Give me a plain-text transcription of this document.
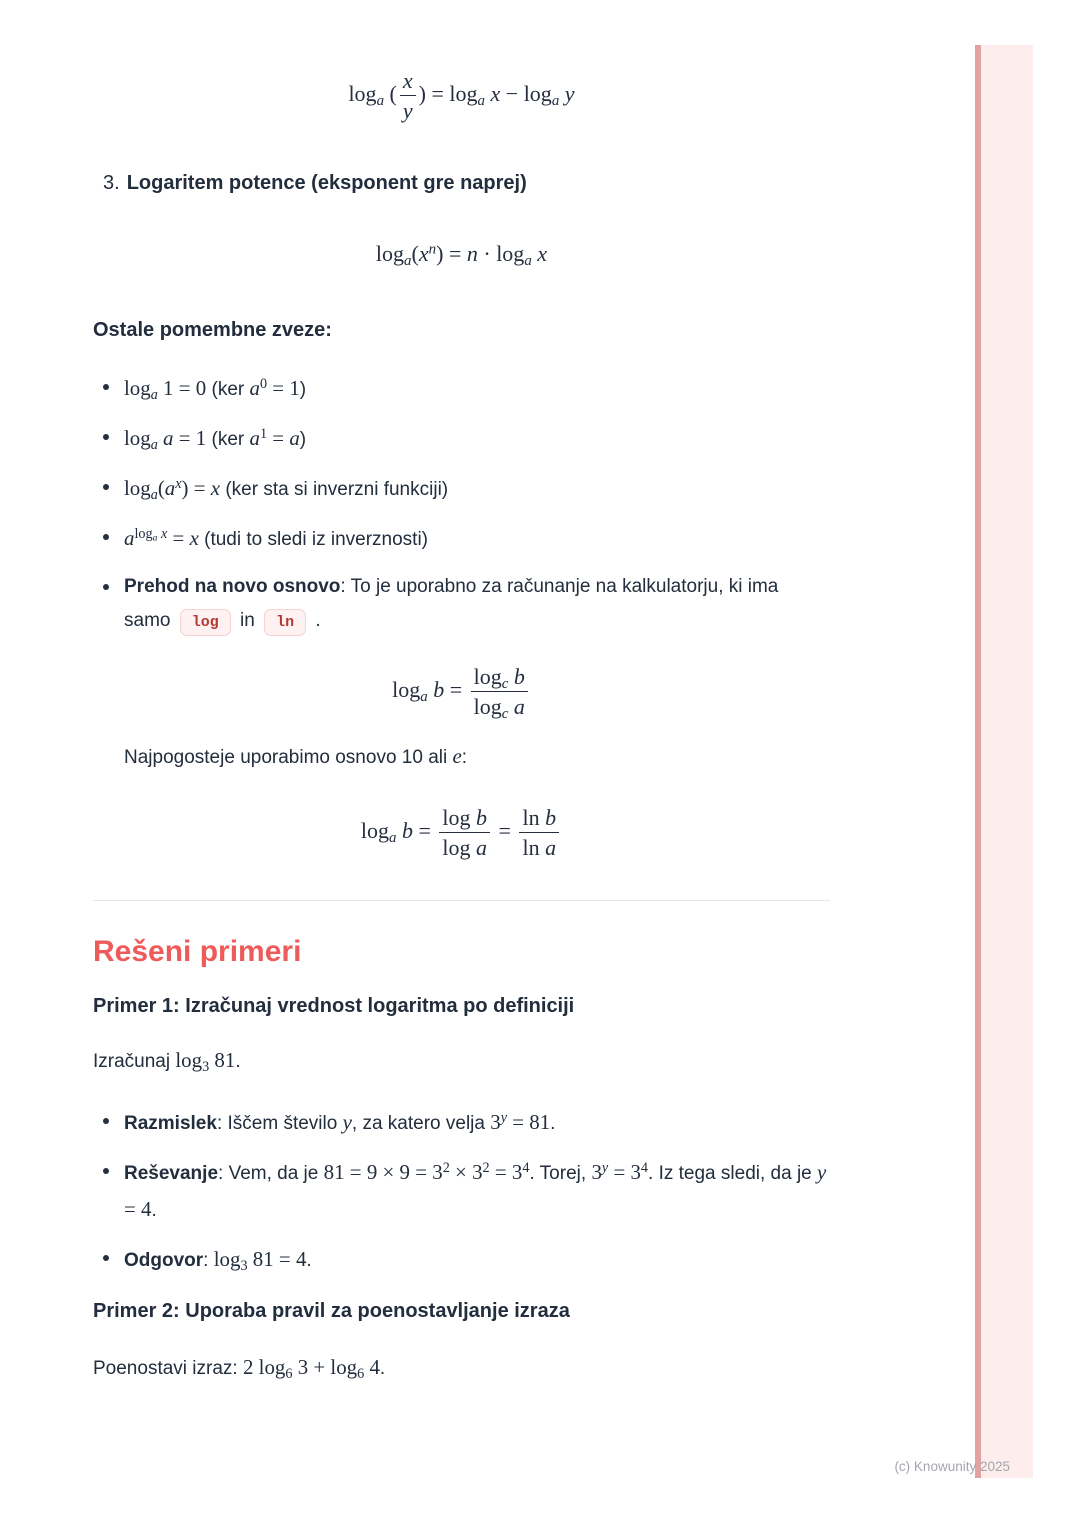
$\log_a$ ( $\frac{x}{y}$ ) = $\log_a x - \log_a y$
3. Logaritem potence (eksponent gre naprej)
$\log_a(x^n) = n \cdot \log_a x$
Ostale pomembne zveze:
$\log_a 1 = 0$ (ker $a^0 = 1$)
$\log_a a = 1$ (ker $a^1 = a$)
$\log_a(a^x) = x$ (ker sta si inverzni funkciji)
$a^{log_a x} = x$ (tudi to sledi iz inverznosti)
Prehod na novo osnovo: To je uporabno za računanje na kalkulatorju, ki ima samo log in ln .
$\log_a b = \frac{\log_c b}{\log_c a}$

Najpogosteje uporabimo osnovo 10 ali e:

$\log_a b = \frac{\text{log b}}{\text{log a}} = \frac{\text{ln b}}{\text{ln a}}$
Rešeni primeri
Primer 1: Izračunaj vrednost logaritma po definiciji

Izračunaj $\log_3 81$.

Razmislek: Iščem število y, za katero velja $3^y = 81$.
Reševanje: Vem, da je $81 = 9 \times 9 = 3^2 \times 3^2 = 3^4$. Torej, $3^y = 3^4$. Iz tega sledi, da je y = 4.
Odgovor: $\log_3 81 = 4$.
Primer 2: Uporaba pravil za poenostavljanje izraza

Poenostavi izraz: 2 $\log_6 3 + \log_6 4$.

(c) Knowunity 2025
